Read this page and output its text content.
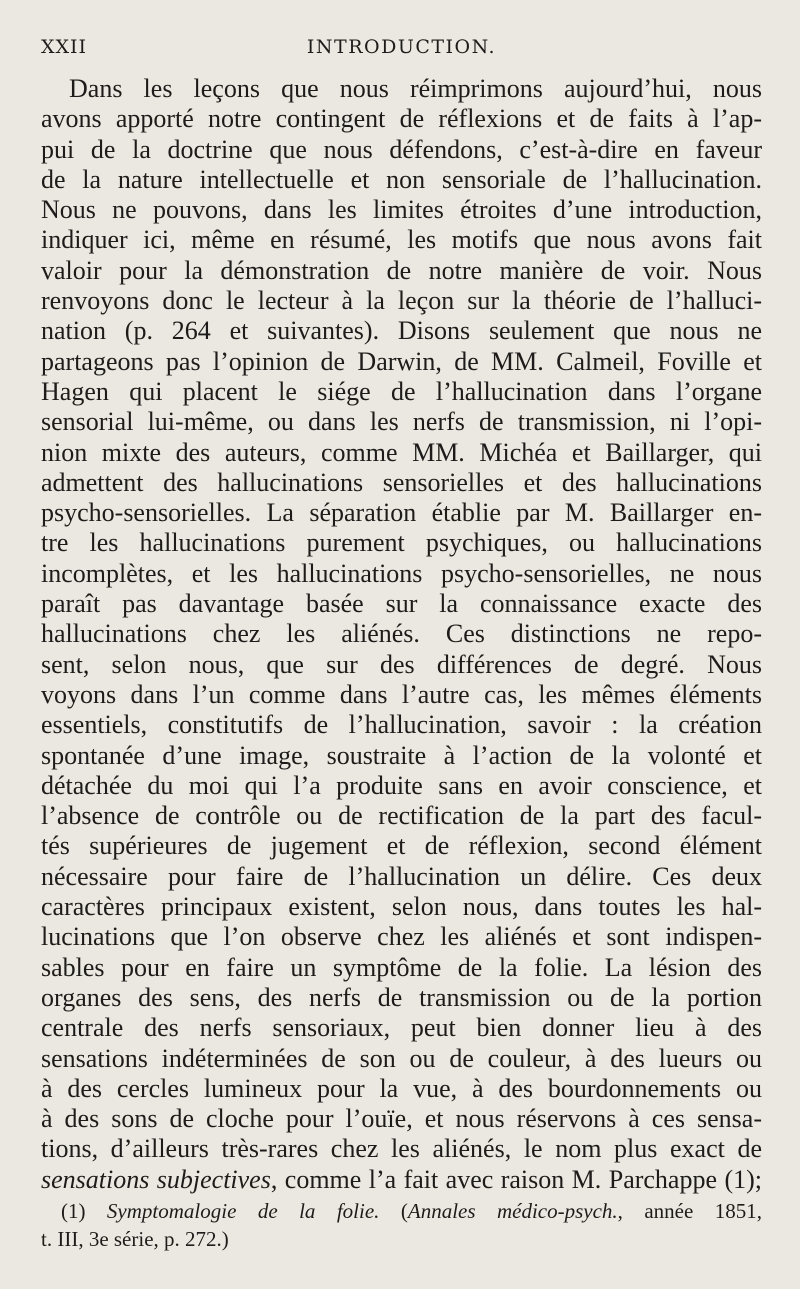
XXII	INTRODUCTION.
Dans les leçons que nous réimprimons aujourd’hui, nous
avons apporté notre contingent de réflexions et de faits à l’ap-
pui de la doctrine que nous défendons, c’est-à-dire en faveur
de la nature intellectuelle et non sensoriale de l’hallucination.
Nous ne pouvons, dans les limites étroites d’une introduction,
indiquer ici, même en résumé, les motifs que nous avons fait
valoir pour la démonstration de notre manière de voir. Nous
renvoyons donc le lecteur à la leçon sur la théorie de l’halluci-
nation (p. 264 et suivantes). Disons seulement que nous ne
partageons pas l’opinion de Darwin, de MM. Calmeil, Foville et
Hagen qui placent le siége de l’hallucination dans l’organe
sensorial lui-même, ou dans les nerfs de transmission, ni l’opi-
nion mixte des auteurs, comme MM. Michéa et Baillarger, qui
admettent des hallucinations sensorielles et des hallucinations
psycho-sensorielles. La séparation établie par M. Baillarger en-
tre les hallucinations purement psychiques, ou hallucinations
incomplètes, et les hallucinations psycho-sensorielles, ne nous
paraît pas davantage basée sur la connaissance exacte des
hallucinations chez les aliénés. Ces distinctions ne repo-
sent, selon nous, que sur des différences de degré. Nous
voyons dans l’un comme dans l’autre cas, les mêmes éléments
essentiels, constitutifs de l’hallucination, savoir : la création
spontanée d’une image, soustraite à l’action de la volonté et
détachée du moi qui l’a produite sans en avoir conscience, et
l’absence de contrôle ou de rectification de la part des facul-
tés supérieures de jugement et de réflexion, second élément
nécessaire pour faire de l’hallucination un délire. Ces deux
caractères principaux existent, selon nous, dans toutes les hal-
lucinations que l’on observe chez les aliénés et sont indispen-
sables pour en faire un symptôme de la folie. La lésion des
organes des sens, des nerfs de transmission ou de la portion
centrale des nerfs sensoriaux, peut bien donner lieu à des
sensations indéterminées de son ou de couleur, à des lueurs ou
à des cercles lumineux pour la vue, à des bourdonnements ou
à des sons de cloche pour l’ouïe, et nous réservons à ces sensa-
tions, d’ailleurs très-rares chez les aliénés, le nom plus exact de
sensations subjectives, comme l’a fait avec raison M. Parchappe (1);
(1) Symptomalogie de la folie. (Annales médico-psych., année 1851,
t. III, 3e série, p. 272.)
